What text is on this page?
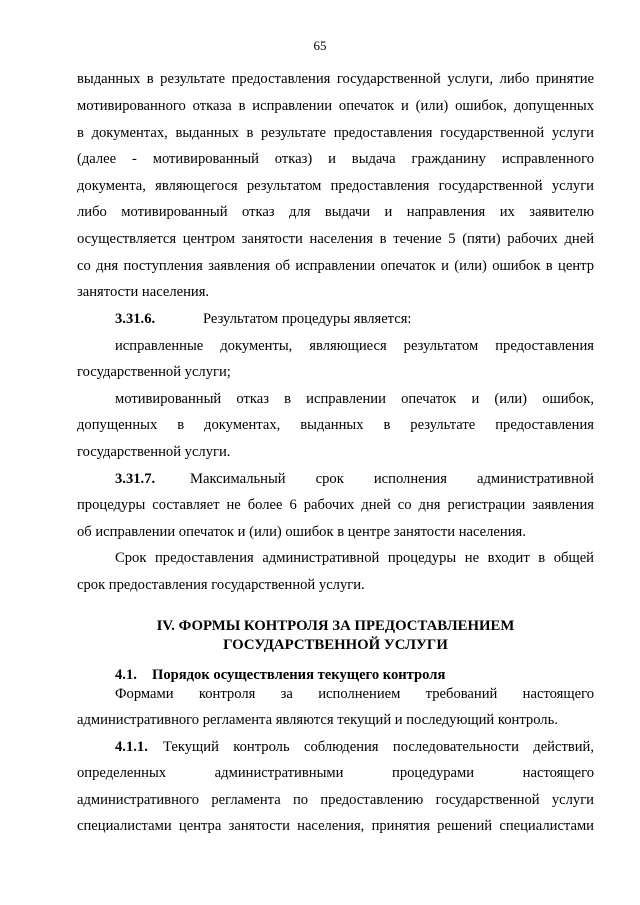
65
выданных в результате предоставления государственной услуги, либо принятие
мотивированного отказа в исправлении опечаток и (или) ошибок, допущенных
в документах, выданных в результате предоставления государственной услуги
(далее - мотивированный отказ) и выдача гражданину исправленного
документа, являющегося результатом предоставления государственной услуги
либо мотивированный отказ для выдачи и направления их заявителю
осуществляется центром занятости населения в течение 5 (пяти) рабочих дней
со дня поступления заявления об исправлении опечаток и (или) ошибок в центр
занятости населения.
3.31.6.	Результатом процедуры является:
исправленные документы, являющиеся результатом предоставления
государственной услуги;
мотивированный отказ в исправлении опечаток и (или) ошибок,
допущенных в документах, выданных в результате предоставления
государственной услуги.
3.31.7.	Максимальный срок исполнения административной
процедуры составляет не более 6 рабочих дней со дня регистрации заявления
об исправлении опечаток и (или) ошибок в центре занятости населения.
Срок предоставления административной процедуры не входит в общей
срок предоставления государственной услуги.
IV. ФОРМЫ КОНТРОЛЯ ЗА ПРЕДОСТАВЛЕНИЕМ
ГОСУДАРСТВЕННОЙ УСЛУГИ
4.1.	Порядок осуществления текущего контроля
Формами контроля за исполнением требований настоящего
административного регламента являются текущий и последующий контроль.
4.1.1.	Текущий контроль соблюдения последовательности действий,
определенных административными процедурами настоящего
административного регламента по предоставлению государственной услуги
специалистами центра занятости населения, принятия решений специалистами
